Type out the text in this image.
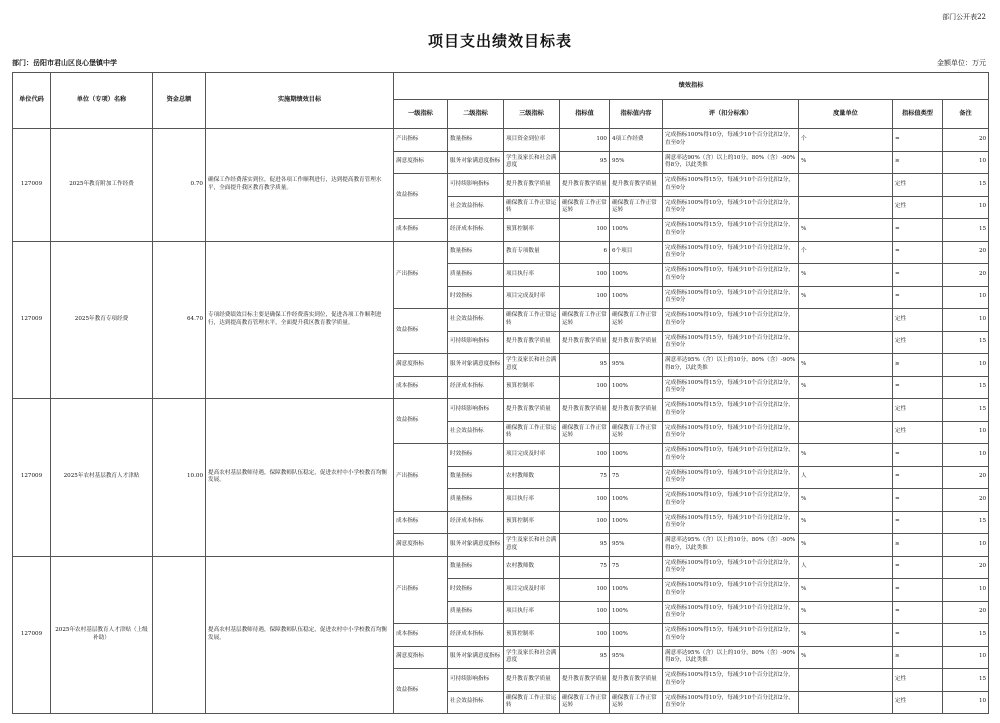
部门公开表22
项目支出绩效目标表
部门：岳阳市君山区良心堡镇中学	金额单位：万元
单位代码	单位（专项）名称	资金总额	实施期绩效目标	绩效指标								
				一级指标	二级指标	三级指标	指标值	指标值内容	评（扣分标准）	度量单位	指标值类型	备注
127009	2025年教育附加工作经费	0.70	确保工作经费落实到位，促进各项工作顺利进行，达到提高教育管理水平，全面提升我区教育教学质量。	产出指标	数量指标	项目资金到位率	100	4项工作经费	完成指标100%得10分，每减少10个百分比扣2分，直至0分	个	=	20
				满意度指标	服务对象满意度指标	学生及家长和社会满意度	95	95%	满意率达90%（含）以上的10分，80%（含）-90%得8分，以此类推	%	≥	10
				效益指标	可持续影响指标	提升教育教学质量	提升教育教学质量	提升教育教学质量	完成指标100%得15分，每减少10个百分比扣2分，直至0分		定性	15
					社会效益指标	确保教育工作正常运转	确保教育工作正常运转	确保教育工作正常运转	完成指标100%得10分，每减少10个百分比扣2分，直至0分		定性	10
				成本指标	经济成本指标	预算控制率	100	100%	完成指标100%得15分，每减少10个百分比扣2分，直至0分	%	=	15
127009	2025年教育专项经费	64.70	专项经费绩效目标主要是确保工作经费落实到位，促进各项工作顺利进行，达到提高教育管理水平，全面提升我区教育教学质量。	产出指标	数量指标	教育专项数量	6	6个项目	完成指标100%得10分，每减少10个百分比扣2分，直至0分	个	=	20
					质量指标	项目执行率	100	100%	完成指标100%得10分，每减少10个百分比扣2分，直至0分	%	=	20
					时效指标	项目完成及时率	100	100%	完成指标100%得10分，每减少10个百分比扣2分，直至0分	%	=	10
				效益指标	社会效益指标	确保教育工作正常运转	确保教育工作正常运转	确保教育工作正常运转	完成指标100%得10分，每减少10个百分比扣2分，直至0分		定性	10
					可持续影响指标	提升教育教学质量	提升教育教学质量	提升教育教学质量	完成指标100%得15分，每减少10个百分比扣2分，直至0分		定性	15
				满意度指标	服务对象满意度指标	学生及家长和社会满意度	95	95%	满意率达95%（含）以上的10分，80%（含）-90%得8分，以此类推	%	≥	10
				成本指标	经济成本指标	预算控制率	100	100%	完成指标100%得15分，每减少10个百分比扣2分，直至0分	%	=	15
127009	2025年农村基层教育人才津贴	10.00	提高农村基层教师待遇，保障教师队伍稳定，促进农村中小学校教育均衡发展。	效益指标	可持续影响指标	提升教育教学质量	提升教育教学质量	提升教育教学质量	完成指标100%得15分，每减少10个百分比扣2分，直至0分		定性	15
					社会效益指标	确保教育工作正常运转	确保教育工作正常运转	确保教育工作正常运转	完成指标100%得10分，每减少10个百分比扣2分，直至0分		定性	10
				产出指标	时效指标	项目完成及时率	100	100%	完成指标100%得10分，每减少10个百分比扣2分，直至0分	%	=	10
					数量指标	农村教师数	75	75	完成指标100%得10分，每减少10个百分比扣2分，直至0分	人	=	20
					质量指标	项目执行率	100	100%	完成指标100%得10分，每减少10个百分比扣2分，直至0分	%	=	20
				成本指标	经济成本指标	预算控制率	100	100%	完成指标100%得15分，每减少10个百分比扣2分，直至0分	%	=	15
				满意度指标	服务对象满意度指标	学生及家长和社会满意度	95	95%	满意率达95%（含）以上的10分，80%（含）-90%得8分，以此类推	%	≥	10
127009	2025年农村基层教育人才津贴（上级补助）		提高农村基层教师待遇，保障教师队伍稳定，促进农村中小学校教育均衡发展。	产出指标	数量指标	农村教师数	75	75	完成指标100%得10分，每减少10个百分比扣2分，直至0分	人	=	20
					时效指标	项目完成及时率	100	100%	完成指标100%得10分，每减少10个百分比扣2分，直至0分	%	=	10
					质量指标	项目执行率	100	100%	完成指标100%得10分，每减少10个百分比扣2分，直至0分	%	=	20
				成本指标	经济成本指标	预算控制率	100	100%	完成指标100%得15分，每减少10个百分比扣2分，直至0分	%	=	15
				满意度指标	服务对象满意度指标	学生及家长和社会满意度	95	95%	满意率达95%（含）以上的10分，80%（含）-90%得8分，以此类推	%	≥	10
				效益指标	可持续影响指标	提升教育教学质量	提升教育教学质量	提升教育教学质量	完成指标100%得15分，每减少10个百分比扣2分，直至0分		定性	15
					社会效益指标	确保教育工作正常运转	确保教育工作正常运转	确保教育工作正常运转	完成指标100%得10分，每减少10个百分比扣2分，直至0分		定性	10
